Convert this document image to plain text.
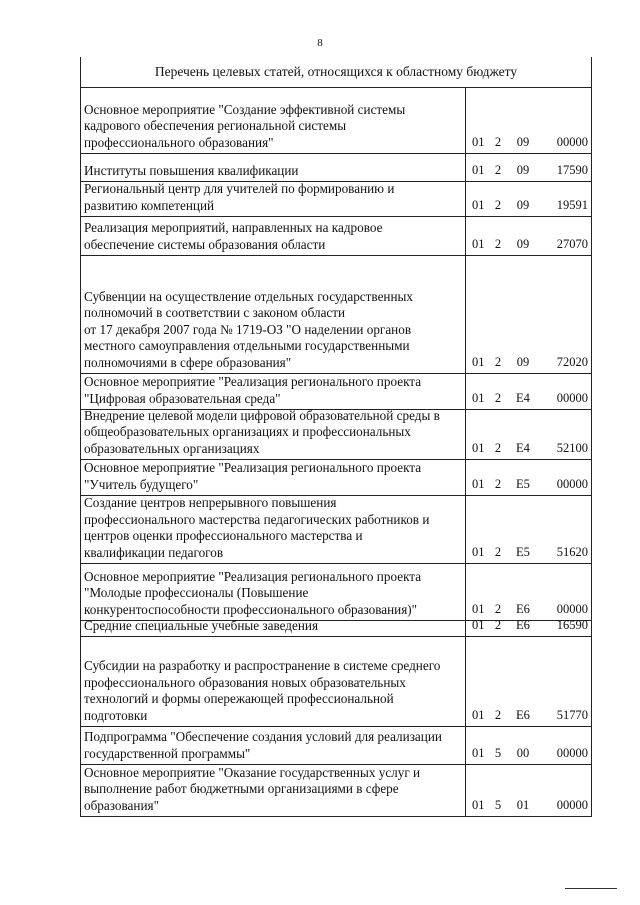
8
Перечень целевых статей, относящихся к областному бюджету
Основное мероприятие "Создание эффективной системы
кадрового обеспечения региональной системы
профессионального образования"	01 2	09	00000
Институты повышения квалификации	01 2	09	17590
Региональный центр для учителей по формированию и
развитию компетенций	01 2	09	19591
Реализация мероприятий, направленных на кадровое
обеспечение системы образования области	01 2	09	27070
Субвенции на осуществление отдельных государственных
полномочий в соответствии с законом области
от 17 декабря 2007 года № 1719-ОЗ "О наделении органов
местного самоуправления отдельными государственными
полномочиями в сфере образования"	01 2	09	72020
Основное мероприятие "Реализация регионального проекта
"Цифровая образовательная среда"	01 2	E4	00000
Внедрение целевой модели цифровой образовательной среды в
общеобразовательных организациях и профессиональных
образовательных организациях	01 2	E4	52100
Основное мероприятие "Реализация регионального проекта
"Учитель будущего"	01 2	E5	00000
Создание центров непрерывного повышения
профессионального мастерства педагогических работников и
центров оценки профессионального мастерства и
квалификации педагогов	01 2	E5	51620
Основное мероприятие "Реализация регионального проекта
"Молодые профессионалы (Повышение
конкурентоспособности профессионального образования)"	01 2	E6	00000
Средние специальные учебные заведения	01 2	E6	16590
Субсидии на разработку и распространение в системе среднего
профессионального образования новых образовательных
технологий и формы опережающей профессиональной
подготовки	01 2	E6	51770
Подпрограмма "Обеспечение создания условий для реализации
государственной программы"	01 5	00	00000
Основное мероприятие "Оказание государственных услуг и
выполнение работ бюджетными организациями в сфере
образования"	01 5	01	00000
